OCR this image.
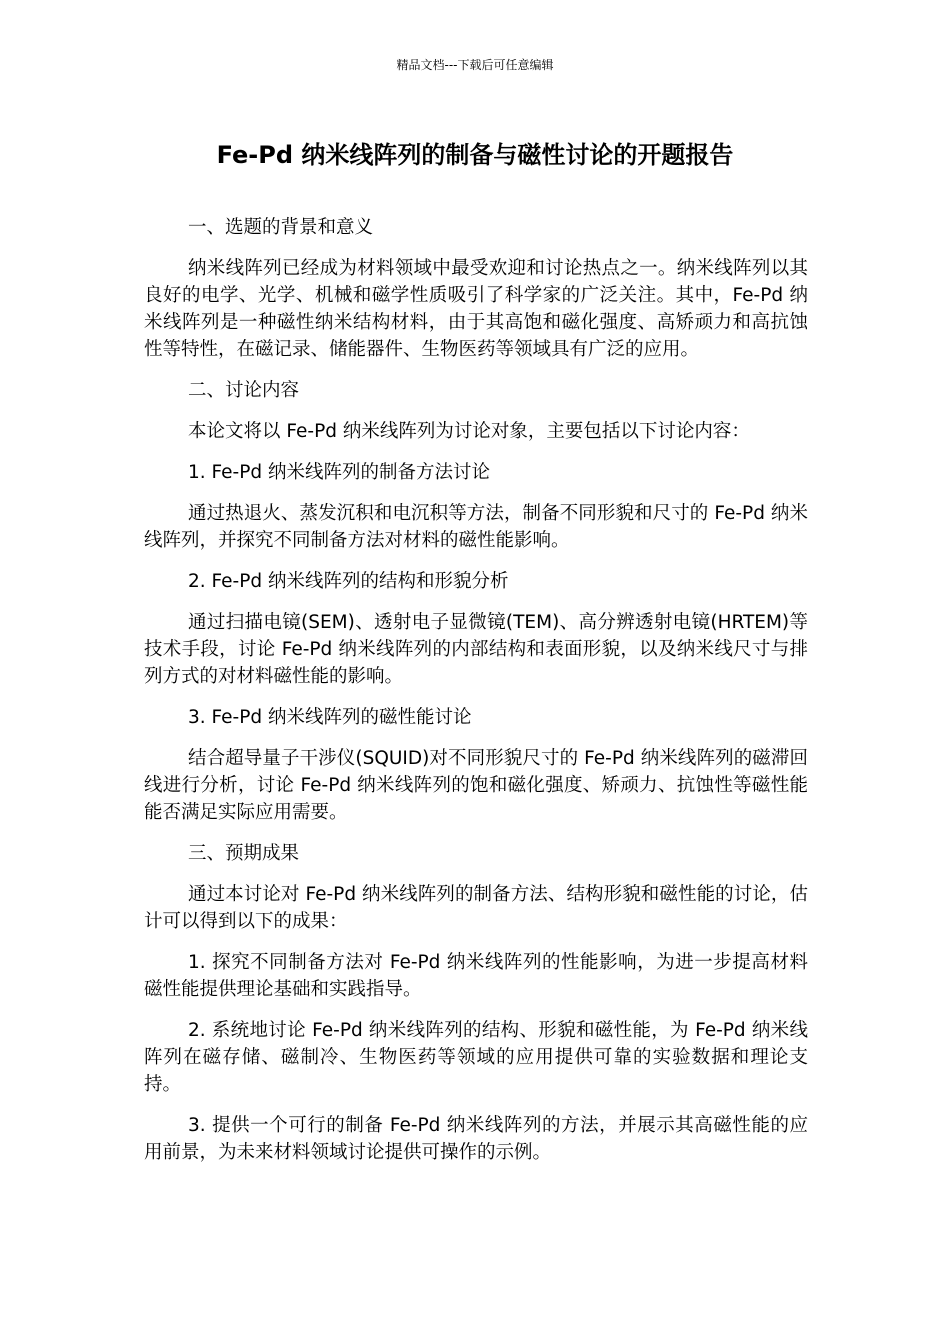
精品文档---下载后可任意编辑
Fe-Pd 纳米线阵列的制备与磁性讨论的开题报告

一、选题的背景和意义

纳米线阵列已经成为材料领域中最受欢迎和讨论热点之一。纳米线阵列以其良好的电学、光学、机械和磁学性质吸引了科学家的广泛关注。其中，Fe-Pd 纳米线阵列是一种磁性纳米结构材料，由于其高饱和磁化强度、高矫顽力和高抗蚀性等特性，在磁记录、储能器件、生物医药等领域具有广泛的应用。

二、讨论内容

本论文将以 Fe-Pd 纳米线阵列为讨论对象，主要包括以下讨论内容：

1. Fe-Pd 纳米线阵列的制备方法讨论

通过热退火、蒸发沉积和电沉积等方法，制备不同形貌和尺寸的 Fe-Pd 纳米线阵列，并探究不同制备方法对材料的磁性能影响。

2. Fe-Pd 纳米线阵列的结构和形貌分析

通过扫描电镜(SEM)、透射电子显微镜(TEM)、高分辨透射电镜(HRTEM)等技术手段，讨论 Fe-Pd 纳米线阵列的内部结构和表面形貌，以及纳米线尺寸与排列方式的对材料磁性能的影响。

3. Fe-Pd 纳米线阵列的磁性能讨论

结合超导量子干涉仪(SQUID)对不同形貌尺寸的 Fe-Pd 纳米线阵列的磁滞回线进行分析，讨论 Fe-Pd 纳米线阵列的饱和磁化强度、矫顽力、抗蚀性等磁性能能否满足实际应用需要。

三、预期成果

通过本讨论对 Fe-Pd 纳米线阵列的制备方法、结构形貌和磁性能的讨论，估计可以得到以下的成果：

1. 探究不同制备方法对 Fe-Pd 纳米线阵列的性能影响，为进一步提高材料磁性能提供理论基础和实践指导。

2. 系统地讨论 Fe-Pd 纳米线阵列的结构、形貌和磁性能，为 Fe-Pd 纳米线阵列在磁存储、磁制冷、生物医药等领域的应用提供可靠的实验数据和理论支持。

3. 提供一个可行的制备 Fe-Pd 纳米线阵列的方法，并展示其高磁性能的应用前景，为未来材料领域讨论提供可操作的示例。
